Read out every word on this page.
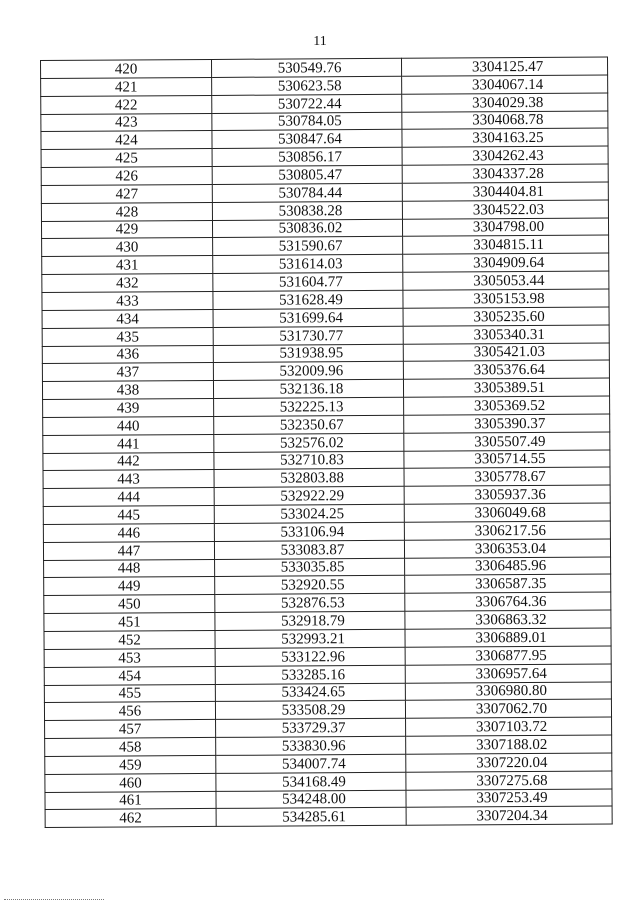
11
420	530549.76	3304125.47
421	530623.58	3304067.14
422	530722.44	3304029.38
423	530784.05	3304068.78
424	530847.64	3304163.25
425	530856.17	3304262.43
426	530805.47	3304337.28
427	530784.44	3304404.81
428	530838.28	3304522.03
429	530836.02	3304798.00
430	531590.67	3304815.11
431	531614.03	3304909.64
432	531604.77	3305053.44
433	531628.49	3305153.98
434	531699.64	3305235.60
435	531730.77	3305340.31
436	531938.95	3305421.03
437	532009.96	3305376.64
438	532136.18	3305389.51
439	532225.13	3305369.52
440	532350.67	3305390.37
441	532576.02	3305507.49
442	532710.83	3305714.55
443	532803.88	3305778.67
444	532922.29	3305937.36
445	533024.25	3306049.68
446	533106.94	3306217.56
447	533083.87	3306353.04
448	533035.85	3306485.96
449	532920.55	3306587.35
450	532876.53	3306764.36
451	532918.79	3306863.32
452	532993.21	3306889.01
453	533122.96	3306877.95
454	533285.16	3306957.64
455	533424.65	3306980.80
456	533508.29	3307062.70
457	533729.37	3307103.72
458	533830.96	3307188.02
459	534007.74	3307220.04
460	534168.49	3307275.68
461	534248.00	3307253.49
462	534285.61	3307204.34
